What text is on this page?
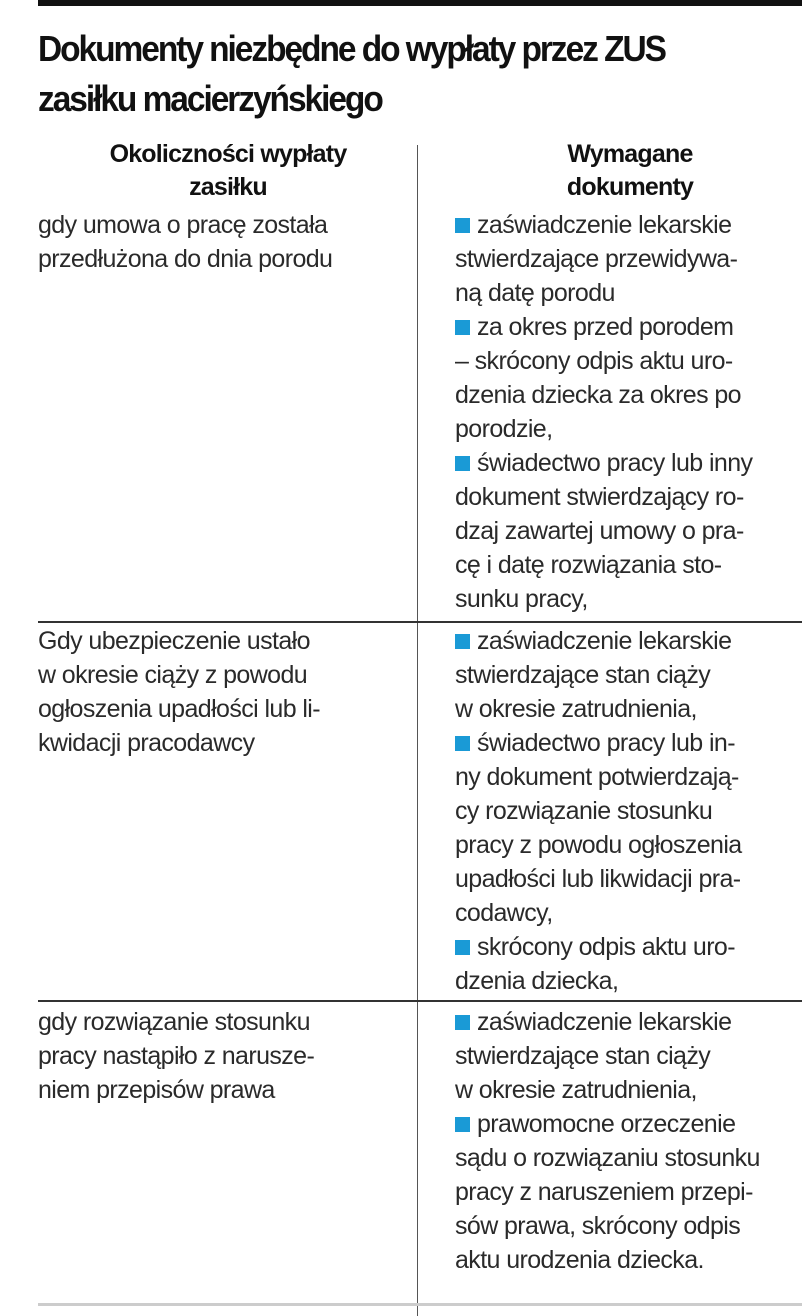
Dokumenty niezbędne do wypłaty przez ZUS
zasiłku macierzyńskiego
Okoliczności wypłaty
zasiłku
Wymagane
dokumenty
gdy umowa o pracę została
przedłużona do dnia porodu
zaświadczenie lekarskie
stwierdzające przewidywa-
ną datę porodu
za okres przed porodem
– skrócony odpis aktu uro-
dzenia dziecka za okres po
porodzie,
świadectwo pracy lub inny
dokument stwierdzający ro-
dzaj zawartej umowy o pra-
cę i datę rozwiązania sto-
sunku pracy,
Gdy ubezpieczenie ustało
w okresie ciąży z powodu
ogłoszenia upadłości lub li-
kwidacji pracodawcy
zaświadczenie lekarskie
stwierdzające stan ciąży
w okresie zatrudnienia,
świadectwo pracy lub in-
ny dokument potwierdzają-
cy rozwiązanie stosunku
pracy z powodu ogłoszenia
upadłości lub likwidacji pra-
codawcy,
skrócony odpis aktu uro-
dzenia dziecka,
gdy rozwiązanie stosunku
pracy nastąpiło z narusze-
niem przepisów prawa
zaświadczenie lekarskie
stwierdzające stan ciąży
w okresie zatrudnienia,
prawomocne orzeczenie
sądu o rozwiązaniu stosunku
pracy z naruszeniem przepi-
sów prawa, skrócony odpis
aktu urodzenia dziecka.
